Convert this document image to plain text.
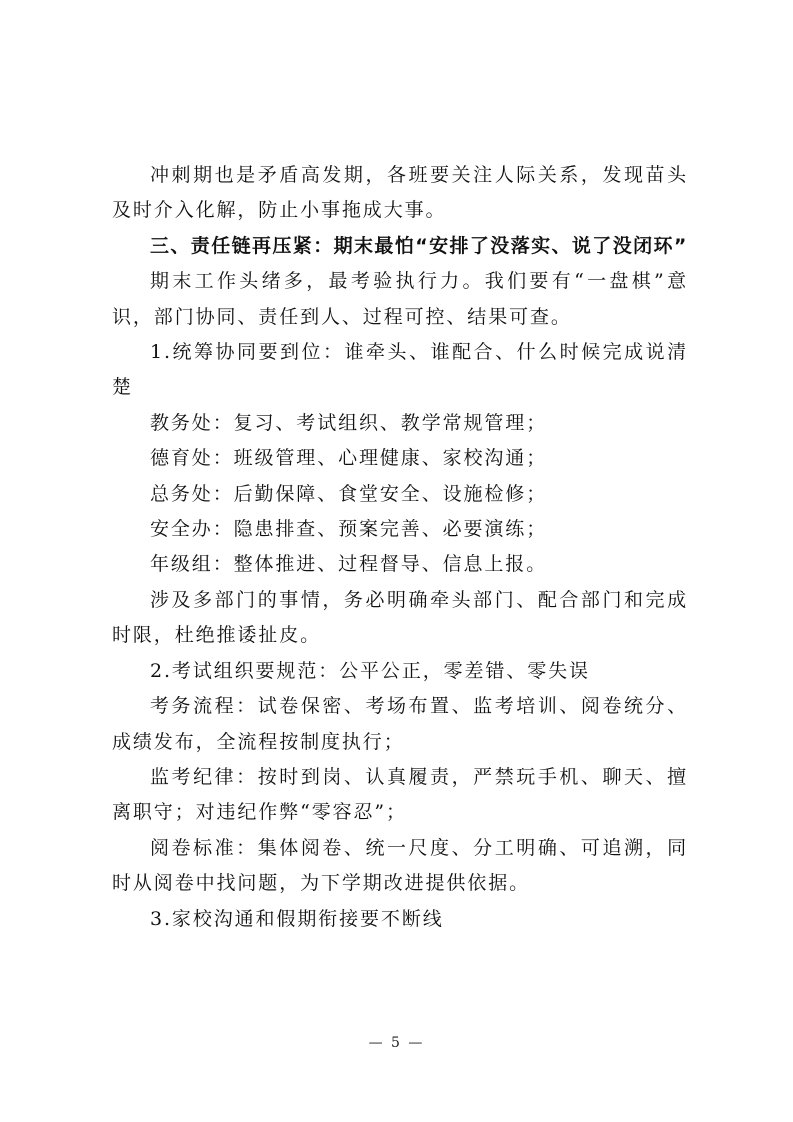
冲刺期也是矛盾高发期，各班要关注人际关系，发现苗头及时介入化解，防止小事拖成大事。

三、责任链再压紧：期末最怕“安排了没落实、说了没闭环”

期末工作头绪多，最考验执行力。我们要有“一盘棋”意识，部门协同、责任到人、过程可控、结果可查。

1.统筹协同要到位：谁牵头、谁配合、什么时候完成说清楚

教务处：复习、考试组织、教学常规管理；

德育处：班级管理、心理健康、家校沟通；

总务处：后勤保障、食堂安全、设施检修；

安全办：隐患排查、预案完善、必要演练；

年级组：整体推进、过程督导、信息上报。

涉及多部门的事情，务必明确牵头部门、配合部门和完成时限，杜绝推诿扯皮。

2.考试组织要规范：公平公正，零差错、零失误

考务流程：试卷保密、考场布置、监考培训、阅卷统分、成绩发布，全流程按制度执行；

监考纪律：按时到岗、认真履责，严禁玩手机、聊天、擅离职守；对违纪作弊“零容忍”；

阅卷标准：集体阅卷、统一尺度、分工明确、可追溯，同时从阅卷中找问题，为下学期改进提供依据。

3.家校沟通和假期衔接要不断线

— 5 —
